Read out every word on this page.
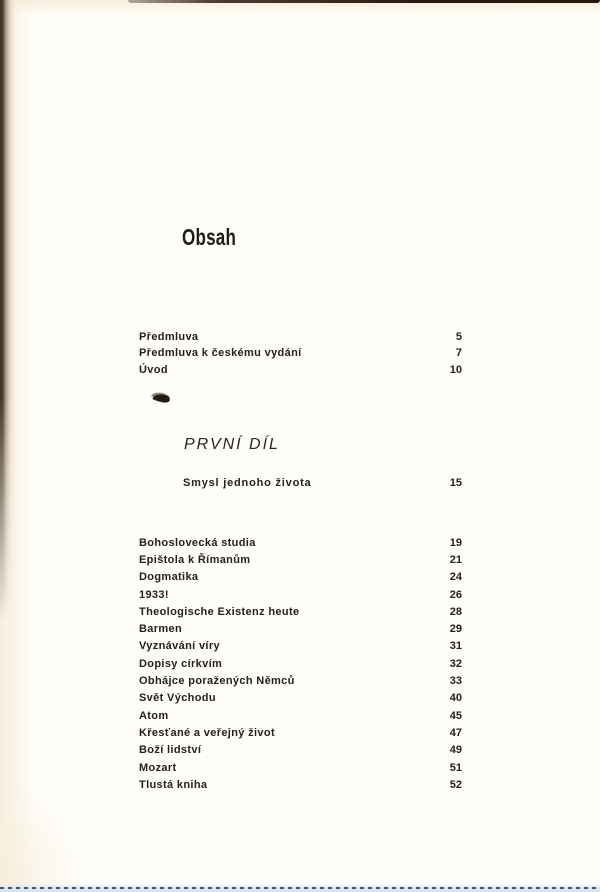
Obsah
Předmluva	5
Předmluva k českému vydání	7
Úvod	10
PRVNÍ DÍL
Smysl jednoho života	15
Bohoslovecká studia	19
Epištola k Římanům	21
Dogmatika	24
1933!	26
Theologische Existenz heute	28
Barmen	29
Vyznávání víry	31
Dopisy církvím	32
Obhájce poražených Němců	33
Svět Východu	40
Atom	45
Křesťané a veřejný život	47
Boží lidství	49
Mozart	51
Tlustá kniha	52
